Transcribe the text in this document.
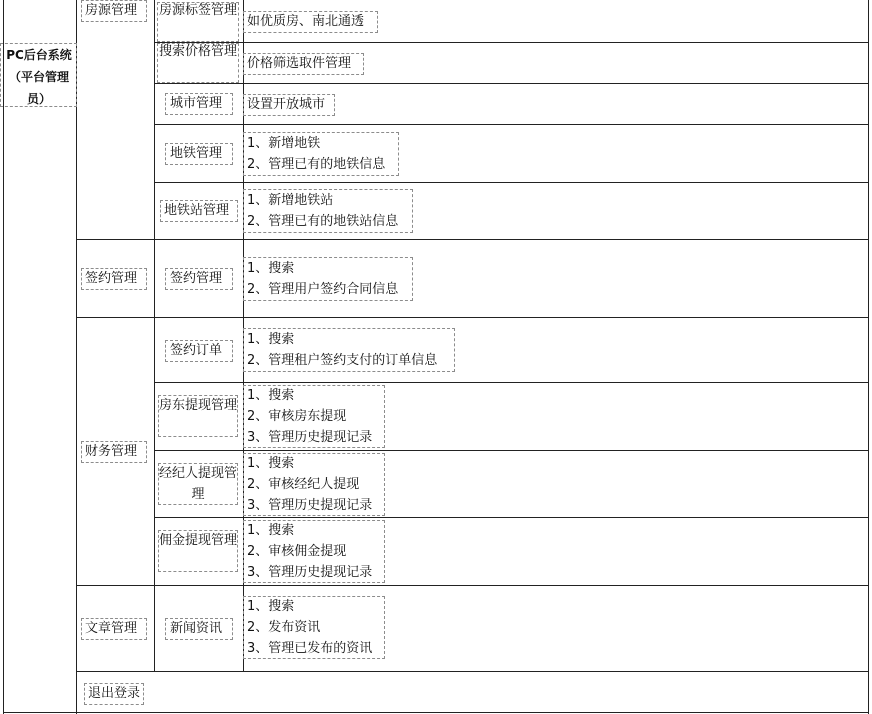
PC后台系统（平台管理员）
房源管理
签约管理
财务管理
文章管理
退出登录
房源标签管理
搜索价格管理
城市管理
地铁管理
地铁站管理
签约管理
签约订单
房东提现管理
经纪人提现管理
佣金提现管理
新闻资讯
如优质房、南北通透
价格筛选取件管理
设置开放城市
1、新增地铁
2、管理已有的地铁信息
1、新增地铁站
2、管理已有的地铁站信息
1、搜索
2、管理用户签约合同信息
1、搜索
2、管理租户签约支付的订单信息
1、搜索
2、审核房东提现
3、管理历史提现记录
1、搜索
2、审核经纪人提现
3、管理历史提现记录
1、搜索
2、审核佣金提现
3、管理历史提现记录
1、搜索
2、发布资讯
3、管理已发布的资讯
